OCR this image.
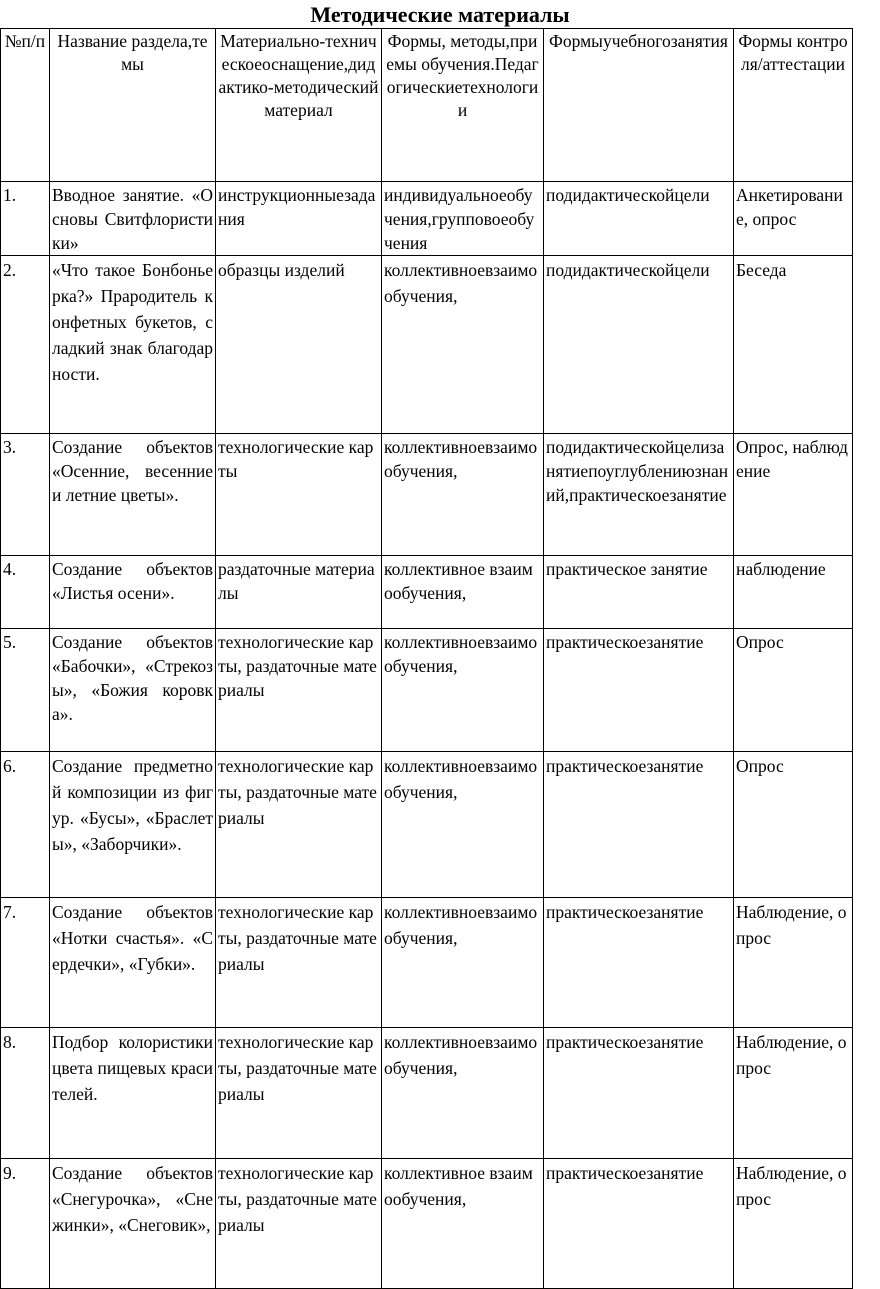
Методические материалы
№п/п	Название раздела,темы	Материально-техническоеоснащение,дидактико-методическийматериал	Формы, методы,приемы обучения.Педагогическиетехнологии	Формыучебногозанятия	Формы контроля/аттестации
1.	Вводное занятие. «Основы Свитфлористики»	инструкционныезадания	индивидуальноеобучения,групповоеобучения	подидактическойцели	Анкетирование, опрос
2.	«Что такое Бонбоньерка?» Прародитель конфетных букетов, сладкий знак благодарности.	образцы изделий	коллективноевзаимообучения,	подидактическойцели	Беседа
3.	Создание объектов «Осенние, весенние и летние цветы».	технологические карты	коллективноевзаимообучения,	подидактическойцелизанятиепоуглублениюзнаний,практическоезанятие	Опрос, наблюдение
4.	Создание объектов «Листья осени».	раздаточные материалы	коллективное взаимообучения,	практическое занятие	наблюдение
5.	Создание объектов «Бабочки», «Стрекозы», «Божия коровка».	технологические карты, раздаточные материалы	коллективноевзаимообучения,	практическоезанятие	Опрос
6.	Создание предметной композиции из фигур. «Бусы», «Браслеты», «Заборчики».	технологические карты, раздаточные материалы	коллективноевзаимообучения,	практическоезанятие	Опрос
7.	Создание объектов «Нотки счастья». «Сердечки», «Губки».	технологические карты, раздаточные материалы	коллективноевзаимообучения,	практическоезанятие	Наблюдение, опрос
8.	Подбор колористики цвета пищевых красителей.	технологические карты, раздаточные материалы	коллективноевзаимообучения,	практическоезанятие	Наблюдение, опрос
9.	Создание объектов «Снегурочка», «Снежинки», «Снеговик»,	технологические карты, раздаточные материалы	коллективное взаимообучения,	практическоезанятие	Наблюдение, опрос
